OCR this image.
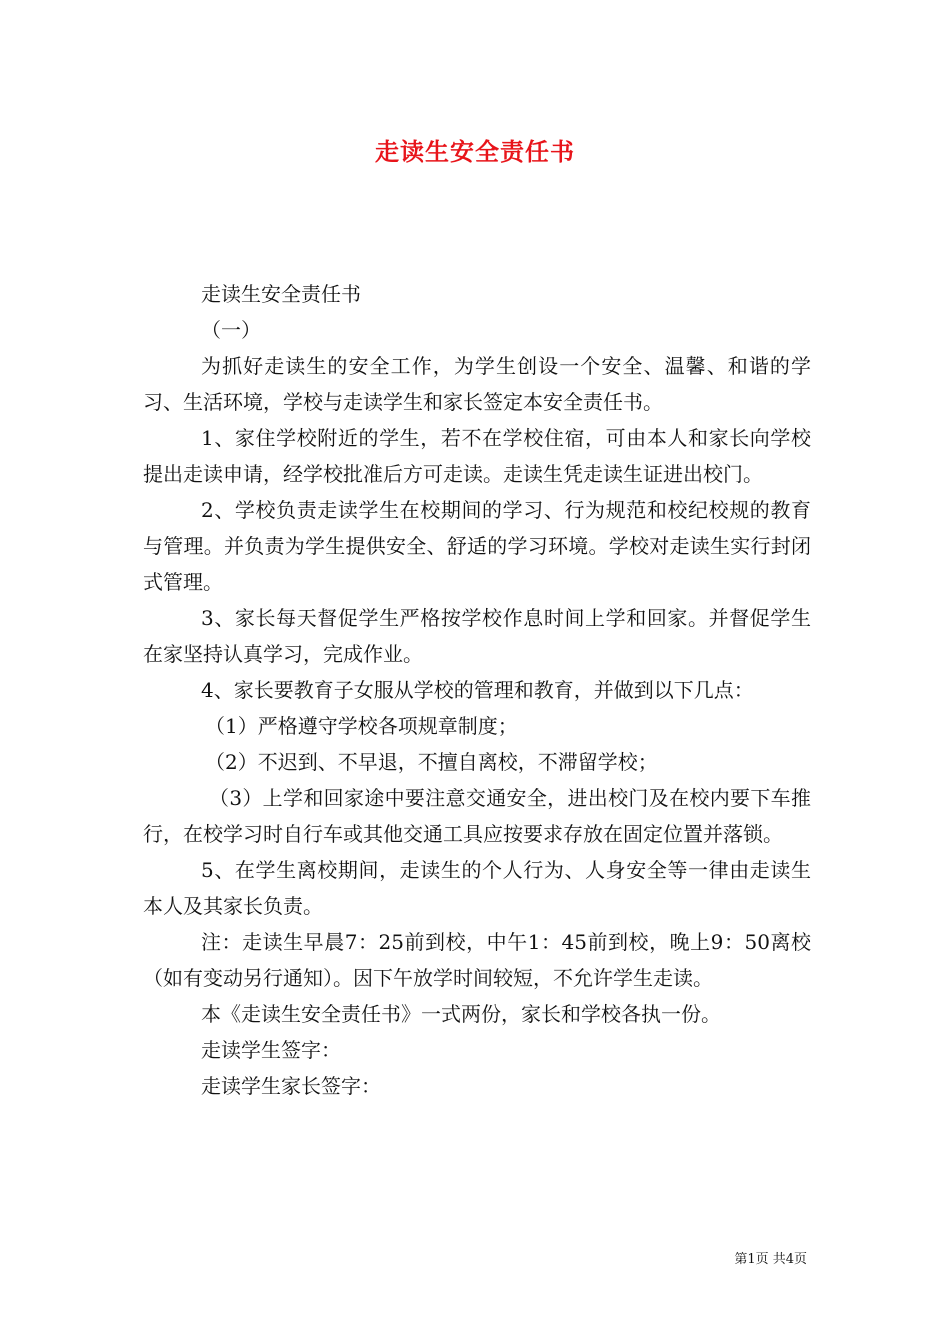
走读生安全责任书

走读生安全责任书

（一）

为抓好走读生的安全工作，为学生创设一个安全、温馨、和谐的学习、生活环境，学校与走读学生和家长签定本安全责任书。

1、家住学校附近的学生，若不在学校住宿，可由本人和家长向学校提出走读申请，经学校批准后方可走读。走读生凭走读生证进出校门。

2、学校负责走读学生在校期间的学习、行为规范和校纪校规的教育与管理。并负责为学生提供安全、舒适的学习环境。学校对走读生实行封闭式管理。

3、家长每天督促学生严格按学校作息时间上学和回家。并督促学生在家坚持认真学习，完成作业。

4、家长要教育子女服从学校的管理和教育，并做到以下几点：

（1）严格遵守学校各项规章制度；

（2）不迟到、不早退，不擅自离校，不滞留学校；

（3）上学和回家途中要注意交通安全，进出校门及在校内要下车推行，在校学习时自行车或其他交通工具应按要求存放在固定位置并落锁。

5、在学生离校期间，走读生的个人行为、人身安全等一律由走读生本人及其家长负责。

注：走读生早晨7：25前到校，中午1：45前到校，晚上9：50离校（如有变动另行通知）。因下午放学时间较短，不允许学生走读。

本《走读生安全责任书》一式两份，家长和学校各执一份。

走读学生签字：

走读学生家长签字：

第1页 共4页
